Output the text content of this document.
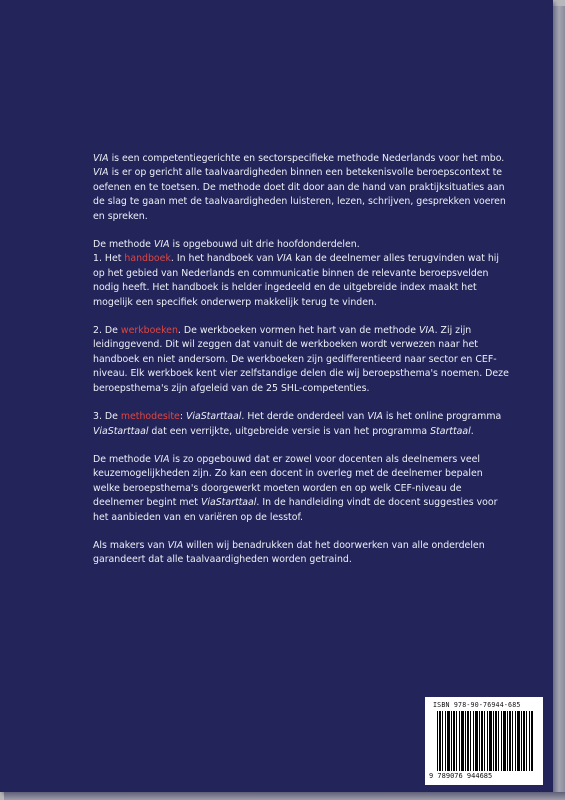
VIA is een competentiegerichte en sectorspecifieke methode Nederlands voor het mbo. VIA is er op gericht alle taalvaardigheden binnen een betekenisvolle beroepscontext te oefenen en te toetsen. De methode doet dit door aan de hand van praktijksituaties aan de slag te gaan met de taalvaardigheden luisteren, lezen, schrijven, gesprekken voeren en spreken.

De methode VIA is opgebouwd uit drie hoofdonderdelen.

1. Het handboek. In het handboek van VIA kan de deelnemer alles terugvinden wat hij op het gebied van Nederlands en communicatie binnen de relevante beroepsvelden nodig heeft. Het handboek is helder ingedeeld en de uitgebreide index maakt het mogelijk een specifiek onderwerp makkelijk terug te vinden.

2. De werkboeken. De werkboeken vormen het hart van de methode VIA. Zij zijn leidinggevend. Dit wil zeggen dat vanuit de werkboeken wordt verwezen naar het handboek en niet andersom. De werkboeken zijn gedifferentieerd naar sector en CEF-niveau. Elk werkboek kent vier zelfstandige delen die wij beroepsthema's noemen. Deze beroepsthema's zijn afgeleid van de 25 SHL-competenties.

3. De methodesite: ViaStarttaal. Het derde onderdeel van VIA is het online programma ViaStarttaal dat een verrijkte, uitgebreide versie is van het programma Starttaal.

De methode VIA is zo opgebouwd dat er zowel voor docenten als deelnemers veel keuzemogelijkheden zijn. Zo kan een docent in overleg met de deelnemer bepalen welke beroepsthema's doorgewerkt moeten worden en op welk CEF-niveau de deelnemer begint met ViaStarttaal. In de handleiding vindt de docent suggesties voor het aanbieden van en variëren op de lesstof.

Als makers van VIA willen wij benadrukken dat het doorwerken van alle onderdelen garandeert dat alle taalvaardigheden worden getraind.

ISBN 978-90-76944-685
9 789076 944685
